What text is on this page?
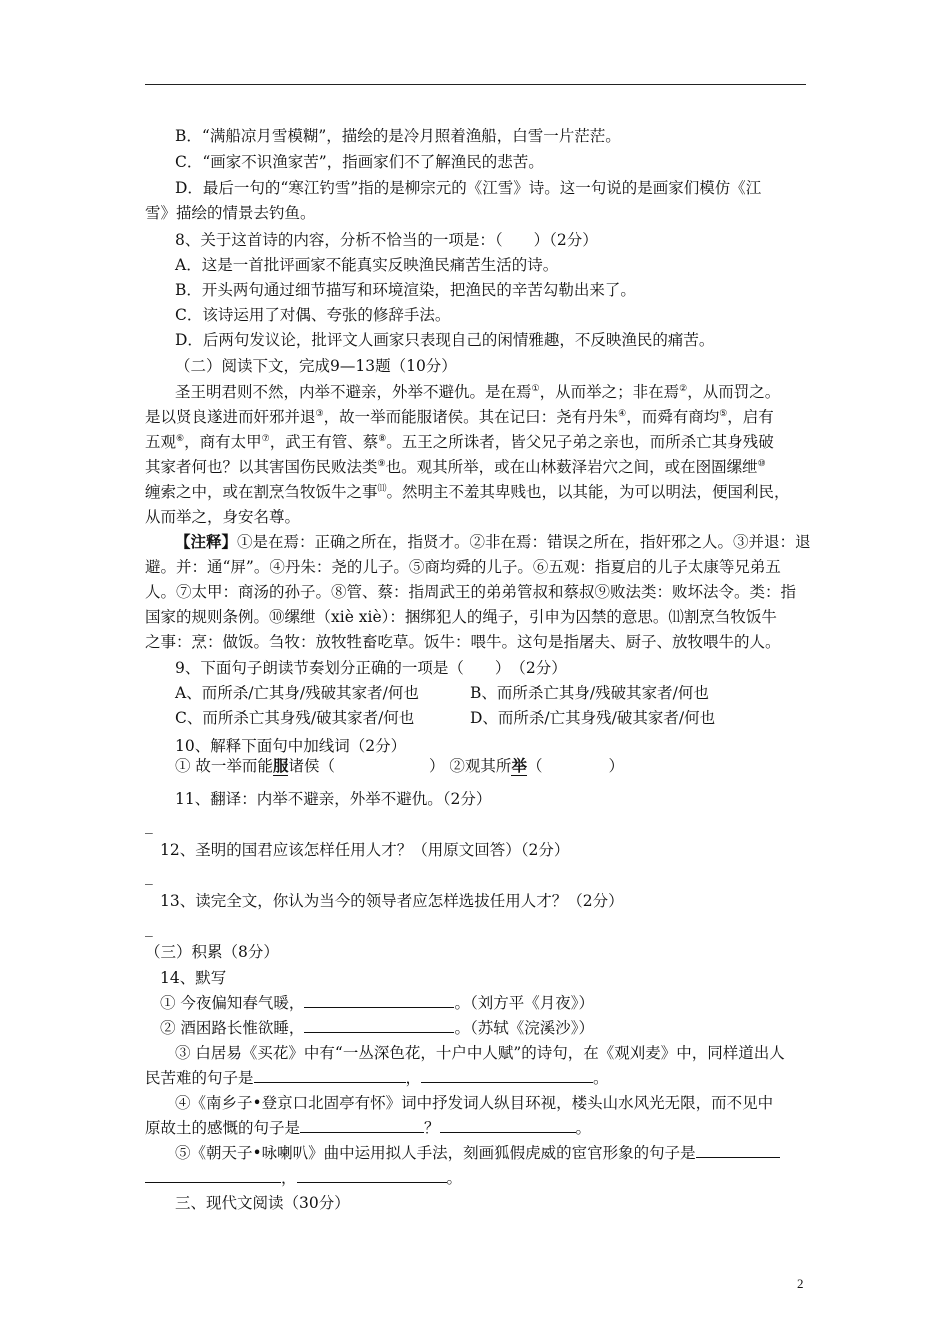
B．“满船凉月雪模糊”，描绘的是冷月照着渔船，白雪一片茫茫。
C．“画家不识渔家苦”，指画家们不了解渔民的悲苦。
D．最后一句的“寒江钓雪”指的是柳宗元的《江雪》诗。这一句说的是画家们模仿《江
雪》描绘的情景去钓鱼。
8、关于这首诗的内容，分析不恰当的一项是：（　　）（2分）
A．这是一首批评画家不能真实反映渔民痛苦生活的诗。
B．开头两句通过细节描写和环境渲染，把渔民的辛苦勾勒出来了。
C．该诗运用了对偶、夸张的修辞手法。
D．后两句发议论，批评文人画家只表现自己的闲情雅趣，不反映渔民的痛苦。
（二）阅读下文，完成9—13题（10分）
圣王明君则不然，内举不避亲，外举不避仇。是在焉①，从而举之；非在焉②，从而罚之。
是以贤良遂进而奸邪并退③，故一举而能服诸侯。其在记曰：尧有丹朱④，而舜有商均⑤，启有
五观⑥，商有太甲⑦，武王有管、蔡⑧。五王之所诛者，皆父兄子弟之亲也，而所杀亡其身残破
其家者何也？以其害国伤民败法类⑨也。观其所举，或在山林薮泽岩穴之间，或在囹圄缧绁⑩
缠索之中，或在割烹刍牧饭牛之事⑾。然明主不羞其卑贱也，以其能，为可以明法，便国利民，
从而举之，身安名尊。
【注释】①是在焉：正确之所在，指贤才。②非在焉：错误之所在，指奸邪之人。③并退：退
避。并：通“屏”。④丹朱：尧的儿子。⑤商均舜的儿子。⑥五观：指夏启的儿子太康等兄弟五
人。⑦太甲：商汤的孙子。⑧管、蔡：指周武王的弟弟管叔和蔡叔⑨败法类：败坏法令。类：指
国家的规则条例。⑩缧绁（xiè xiè）：捆绑犯人的绳子，引申为囚禁的意思。⑾割烹刍牧饭牛
之事：烹：做饭。刍牧：放牧牲畜吃草。饭牛：喂牛。这句是指屠夫、厨子、放牧喂牛的人。
9、下面句子朗读节奏划分正确的一项是（　　）　（2分）
A、而所杀/亡其身/残破其家者/何也	B、而所杀亡其身/残破其家者/何也
C、而所杀亡其身残/破其家者/何也	D、而所杀/亡其身残/破其家者/何也
10、解释下面句中加线词（2分）
① 故一举而能服诸侯（	） ②观其所举（	）
11、翻译：内举不避亲，外举不避仇。（2分）
_
12、圣明的国君应该怎样任用人才？（用原文回答）（2分）
_
13、读完全文，你认为当今的领导者应怎样选拔任用人才？（2分）
_
（三）积累（8分）
14、默写
① 今夜偏知春气暖，	。（刘方平《月夜》）
② 酒困路长惟欲睡，	。（苏轼《浣溪沙》）
③ 白居易《买花》中有“一丛深色花，十户中人赋”的诗句，在《观刈麦》中，同样道出人
民苦难的句子是	，	。
④《南乡子•登京口北固亭有怀》词中抒发词人纵目环视，楼头山水风光无限，而不见中
原故土的感慨的句子是	？	。
⑤《朝天子•咏喇叭》曲中运用拟人手法，刻画狐假虎威的宦官形象的句子是
，	。
三、现代文阅读（30分）
2
